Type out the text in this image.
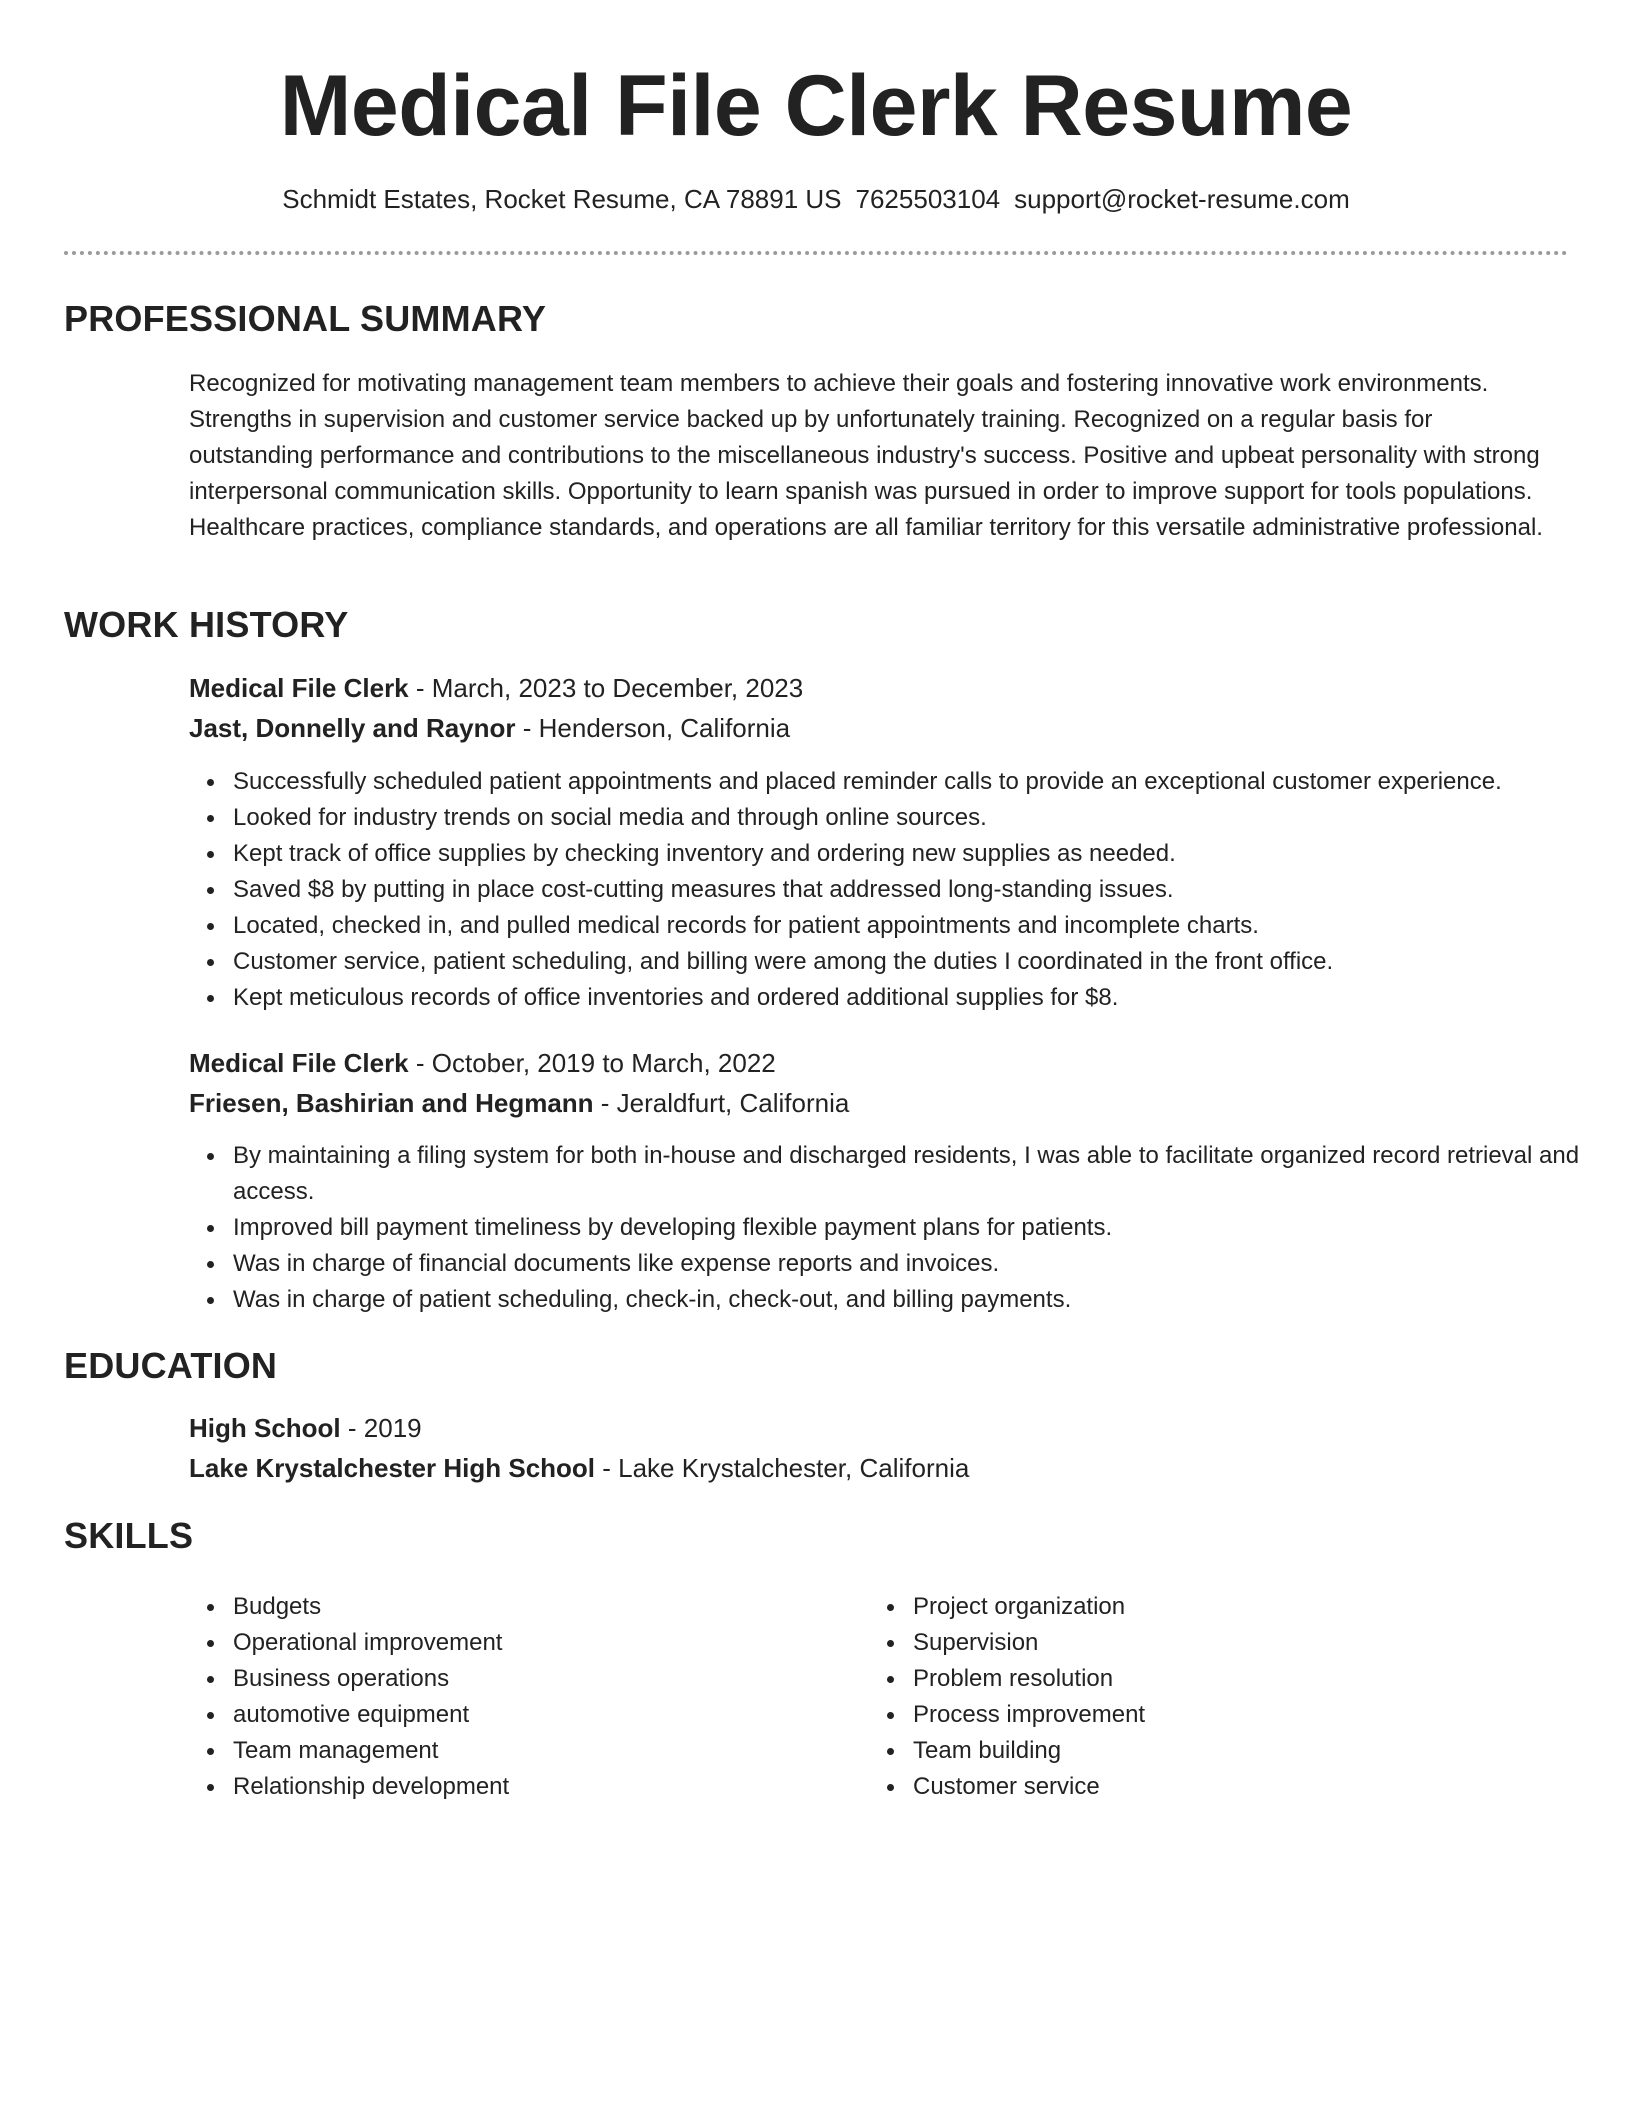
Medical File Clerk Resume
Schmidt Estates, Rocket Resume, CA 78891 US 7625503104 support@rocket-resume.com
PROFESSIONAL SUMMARY

Recognized for motivating management team members to achieve their goals and fostering innovative work environments. Strengths in supervision and customer service backed up by unfortunately training. Recognized on a regular basis for outstanding performance and contributions to the miscellaneous industry's success. Positive and upbeat personality with strong interpersonal communication skills. Opportunity to learn spanish was pursued in order to improve support for tools populations. Healthcare practices, compliance standards, and operations are all familiar territory for this versatile administrative professional.

WORK HISTORY

Medical File Clerk - March, 2023 to December, 2023

Jast, Donnelly and Raynor - Henderson, California

Successfully scheduled patient appointments and placed reminder calls to provide an exceptional customer experience.
Looked for industry trends on social media and through online sources.
Kept track of office supplies by checking inventory and ordering new supplies as needed.
Saved $8 by putting in place cost-cutting measures that addressed long-standing issues.
Located, checked in, and pulled medical records for patient appointments and incomplete charts.
Customer service, patient scheduling, and billing were among the duties I coordinated in the front office.
Kept meticulous records of office inventories and ordered additional supplies for $8.

Medical File Clerk - October, 2019 to March, 2022

Friesen, Bashirian and Hegmann - Jeraldfurt, California

By maintaining a filing system for both in-house and discharged residents, I was able to facilitate organized record retrieval and access.
Improved bill payment timeliness by developing flexible payment plans for patients.
Was in charge of financial documents like expense reports and invoices.
Was in charge of patient scheduling, check-in, check-out, and billing payments.
EDUCATION

High School - 2019

Lake Krystalchester High School - Lake Krystalchester, California

SKILLS
Budgets
Operational improvement
Business operations
automotive equipment
Team management
Relationship development
Project organization
Supervision
Problem resolution
Process improvement
Team building
Customer service
